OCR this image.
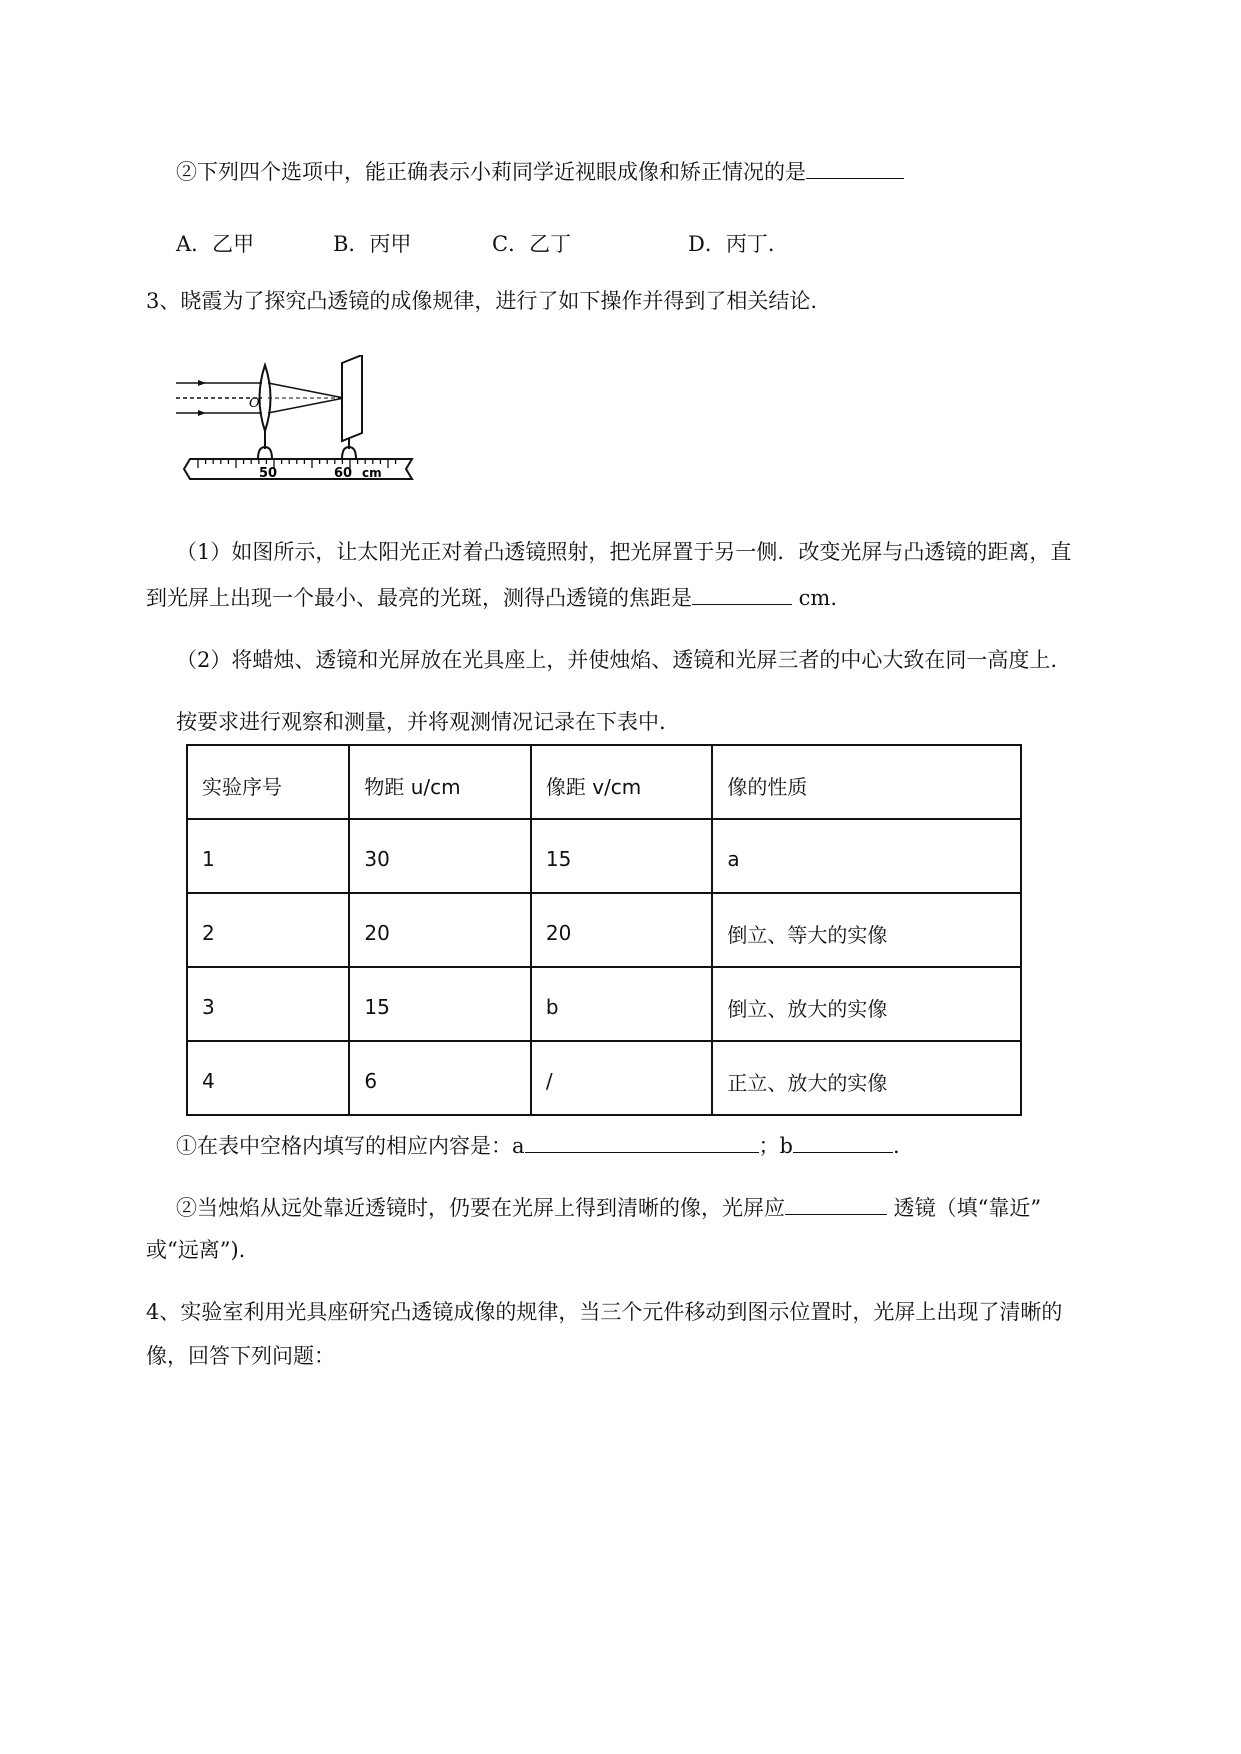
②下列四个选项中，能正确表示小莉同学近视眼成像和矫正情况的是
A．乙甲	B．丙甲	C．乙丁	D．丙丁.
3、晓霞为了探究凸透镜的成像规律，进行了如下操作并得到了相关结论.
O
50	60 cm
（1）如图所示，让太阳光正对着凸透镜照射，把光屏置于另一侧．改变光屏与凸透镜的距离，直
到光屏上出现一个最小、最亮的光斑，测得凸透镜的焦距是	cm.
（2）将蜡烛、透镜和光屏放在光具座上，并使烛焰、透镜和光屏三者的中心大致在同一高度上.
按要求进行观察和测量，并将观测情况记录在下表中.
实验序号	物距 u/cm	像距 v/cm	像的性质
1	30	15	a
2	20	20	倒立、等大的实像
3	15	b	倒立、放大的实像
4	6	/	正立、放大的实像
①在表中空格内填写的相应内容是：a	；b	.
②当烛焰从远处靠近透镜时，仍要在光屏上得到清晰的像，光屏应	透镜（填“靠近”
或“远离”).
4、实验室利用光具座研究凸透镜成像的规律，当三个元件移动到图示位置时，光屏上出现了清晰的
像，回答下列问题：
